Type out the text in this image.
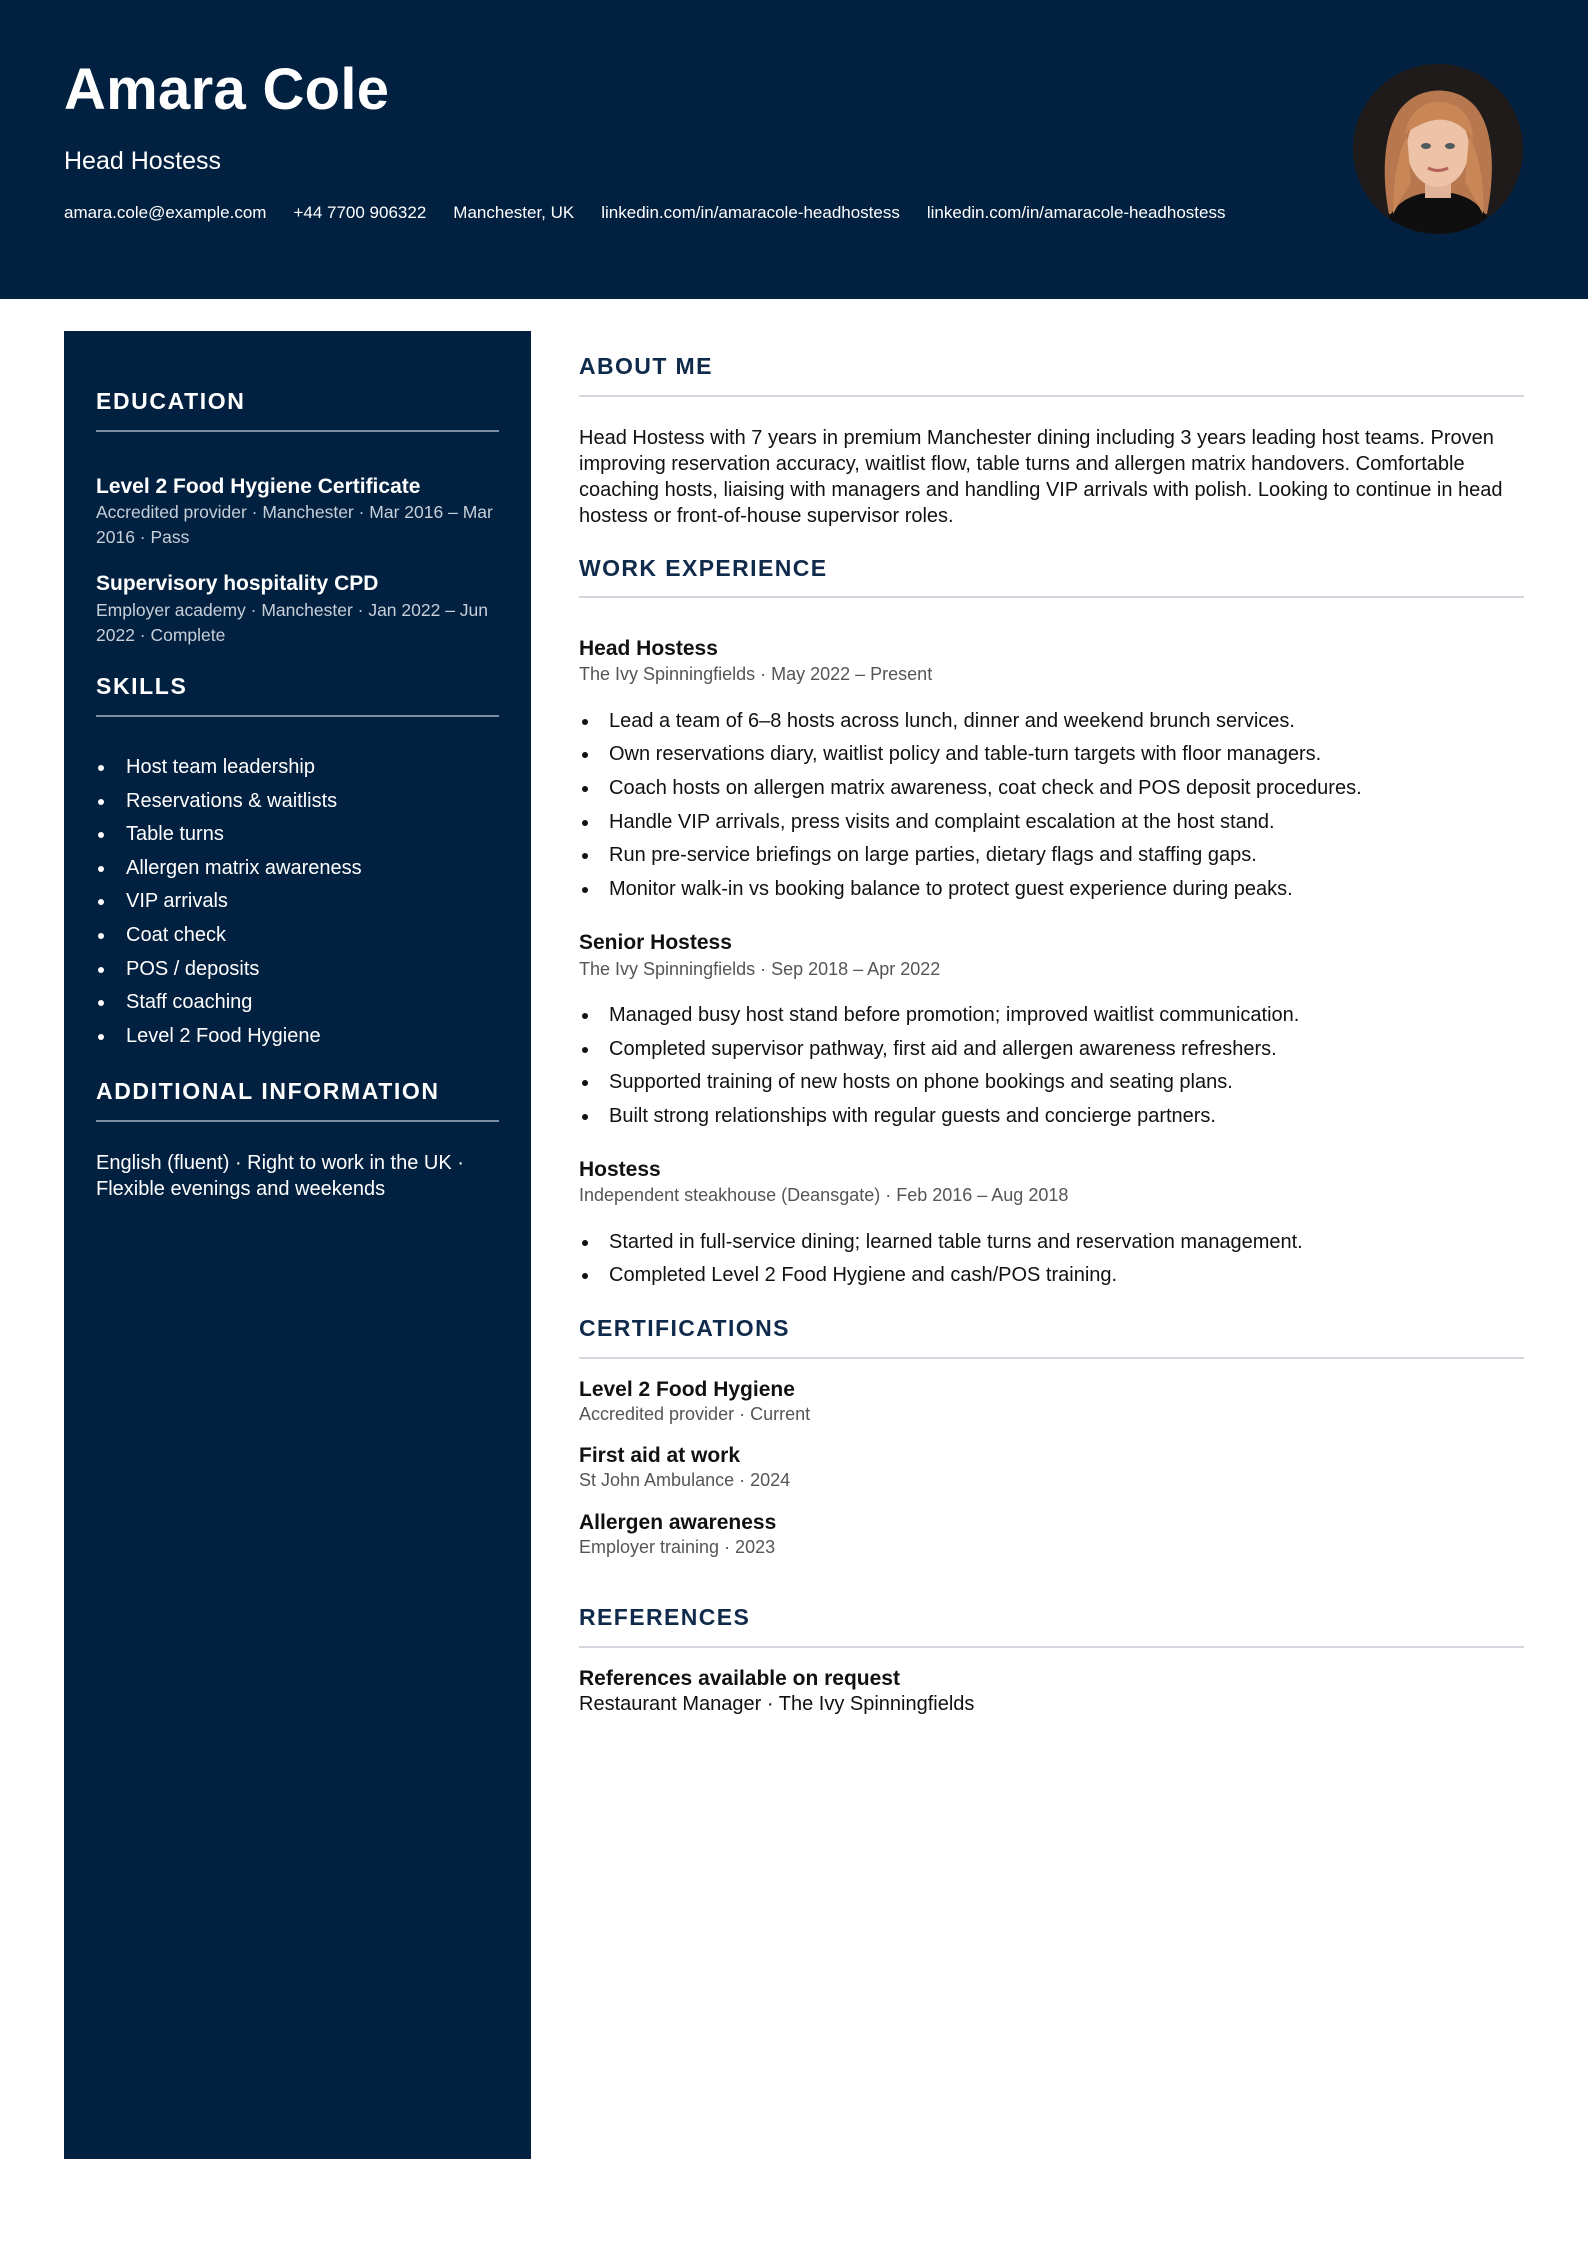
Amara Cole
Head Hostess
amara.cole@example.com +44 7700 906322 Manchester, UK linkedin.com/in/amaracole-headhostess linkedin.com/in/amaracole-headhostess
EDUCATION
Level 2 Food Hygiene Certificate
Accredited provider · Manchester · Mar 2016 – Mar 2016 · Pass
Supervisory hospitality CPD
Employer academy · Manchester · Jan 2022 – Jun 2022 · Complete
SKILLS
Host team leadership
Reservations & waitlists
Table turns
Allergen matrix awareness
VIP arrivals
Coat check
POS / deposits
Staff coaching
Level 2 Food Hygiene
ADDITIONAL INFORMATION
English (fluent) · Right to work in the UK · Flexible evenings and weekends
ABOUT ME

Head Hostess with 7 years in premium Manchester dining including 3 years leading host teams. Proven improving reservation accuracy, waitlist flow, table turns and allergen matrix handovers. Comfortable coaching hosts, liaising with managers and handling VIP arrivals with polish. Looking to continue in head hostess or front-of-house supervisor roles.

WORK EXPERIENCE
Head Hostess
The Ivy Spinningfields · May 2022 – Present
Lead a team of 6–8 hosts across lunch, dinner and weekend brunch services.
Own reservations diary, waitlist policy and table-turn targets with floor managers.
Coach hosts on allergen matrix awareness, coat check and POS deposit procedures.
Handle VIP arrivals, press visits and complaint escalation at the host stand.
Run pre-service briefings on large parties, dietary flags and staffing gaps.
Monitor walk-in vs booking balance to protect guest experience during peaks.
Senior Hostess
The Ivy Spinningfields · Sep 2018 – Apr 2022
Managed busy host stand before promotion; improved waitlist communication.
Completed supervisor pathway, first aid and allergen awareness refreshers.
Supported training of new hosts on phone bookings and seating plans.
Built strong relationships with regular guests and concierge partners.
Hostess
Independent steakhouse (Deansgate) · Feb 2016 – Aug 2018
Started in full-service dining; learned table turns and reservation management.
Completed Level 2 Food Hygiene and cash/POS training.
CERTIFICATIONS
Level 2 Food Hygiene
Accredited provider · Current
First aid at work
St John Ambulance · 2024
Allergen awareness
Employer training · 2023
REFERENCES
References available on request
Restaurant Manager · The Ivy Spinningfields
